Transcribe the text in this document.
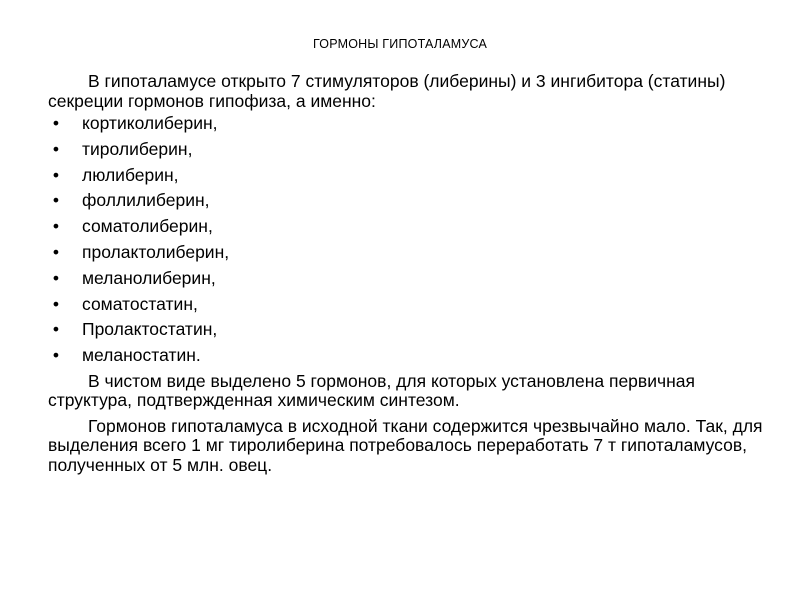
ГОРМОНЫ ГИПОТАЛАМУСА

В гипоталамусе открыто 7 стимуляторов (либерины) и 3 ингибитора (статины) секреции гормонов гипофиза, а именно:

• кортиколиберин,
• тиролиберин,
• люлиберин,
• фоллилиберин,
• соматолиберин,
• пролактолиберин,
• меланолиберин,
• соматостатин,
• Пролактостатин,
• меланостатин.

В чистом виде выделено 5 гормонов, для которых установлена первичная структура, подтвержденная химическим синтезом.

Гормонов гипоталамуса в исходной ткани содержится чрезвычайно мало. Так, для выделения всего 1 мг тиролиберина потребовалось переработать 7 т гипоталамусов, полученных от 5 млн. овец.
